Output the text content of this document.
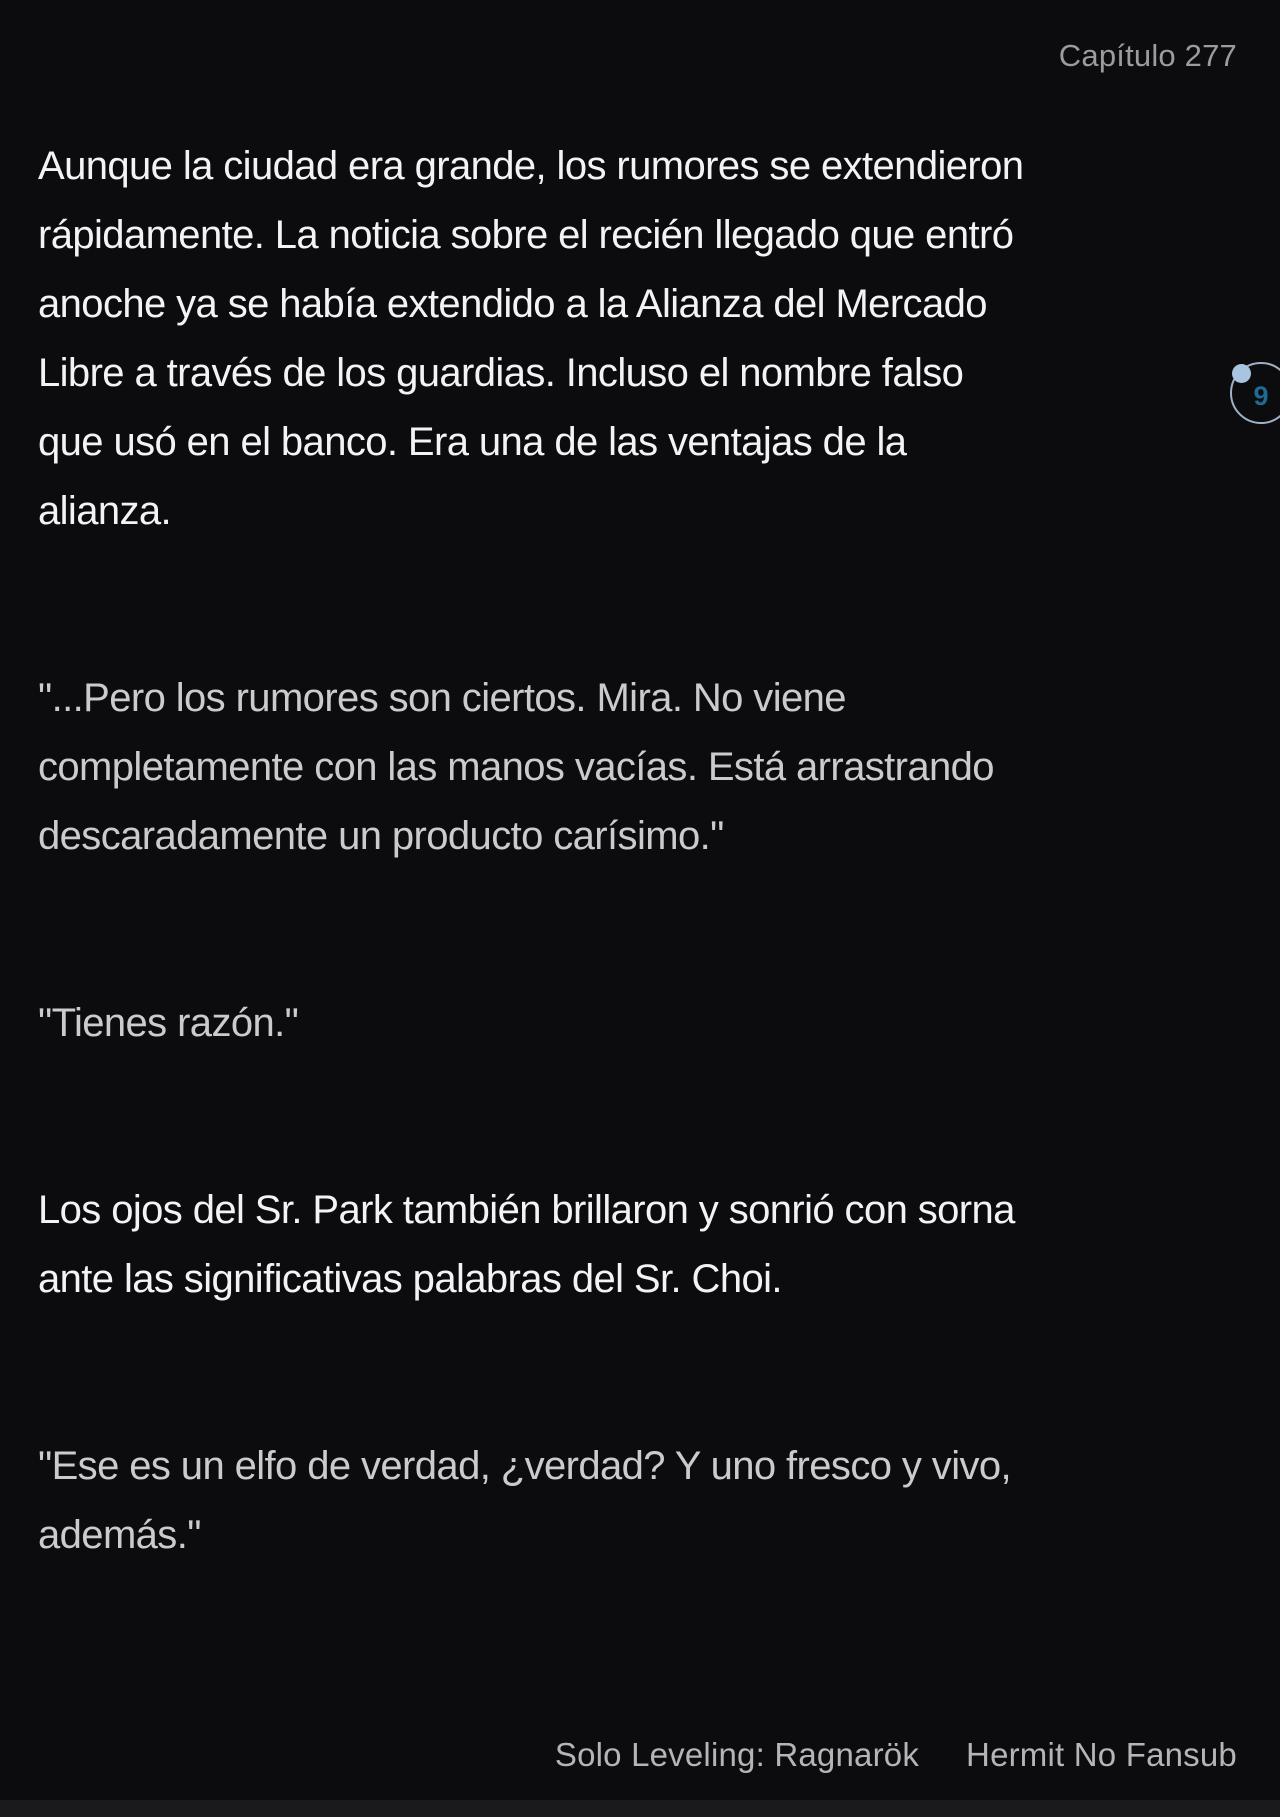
Capítulo 277
Aunque la ciudad era grande, los rumores se extendieron
rápidamente. La noticia sobre el recién llegado que entró
anoche ya se había extendido a la Alianza del Mercado
Libre a través de los guardias. Incluso el nombre falso
que usó en el banco. Era una de las ventajas de la
alianza.
"...Pero los rumores son ciertos. Mira. No viene
completamente con las manos vacías. Está arrastrando
descaradamente un producto carísimo."
"Tienes razón."
Los ojos del Sr. Park también brillaron y sonrió con sorna
ante las significativas palabras del Sr. Choi.
"Ese es un elfo de verdad, ¿verdad? Y uno fresco y vivo,
además."
9
Solo Leveling: Ragnarök Hermit No Fansub
